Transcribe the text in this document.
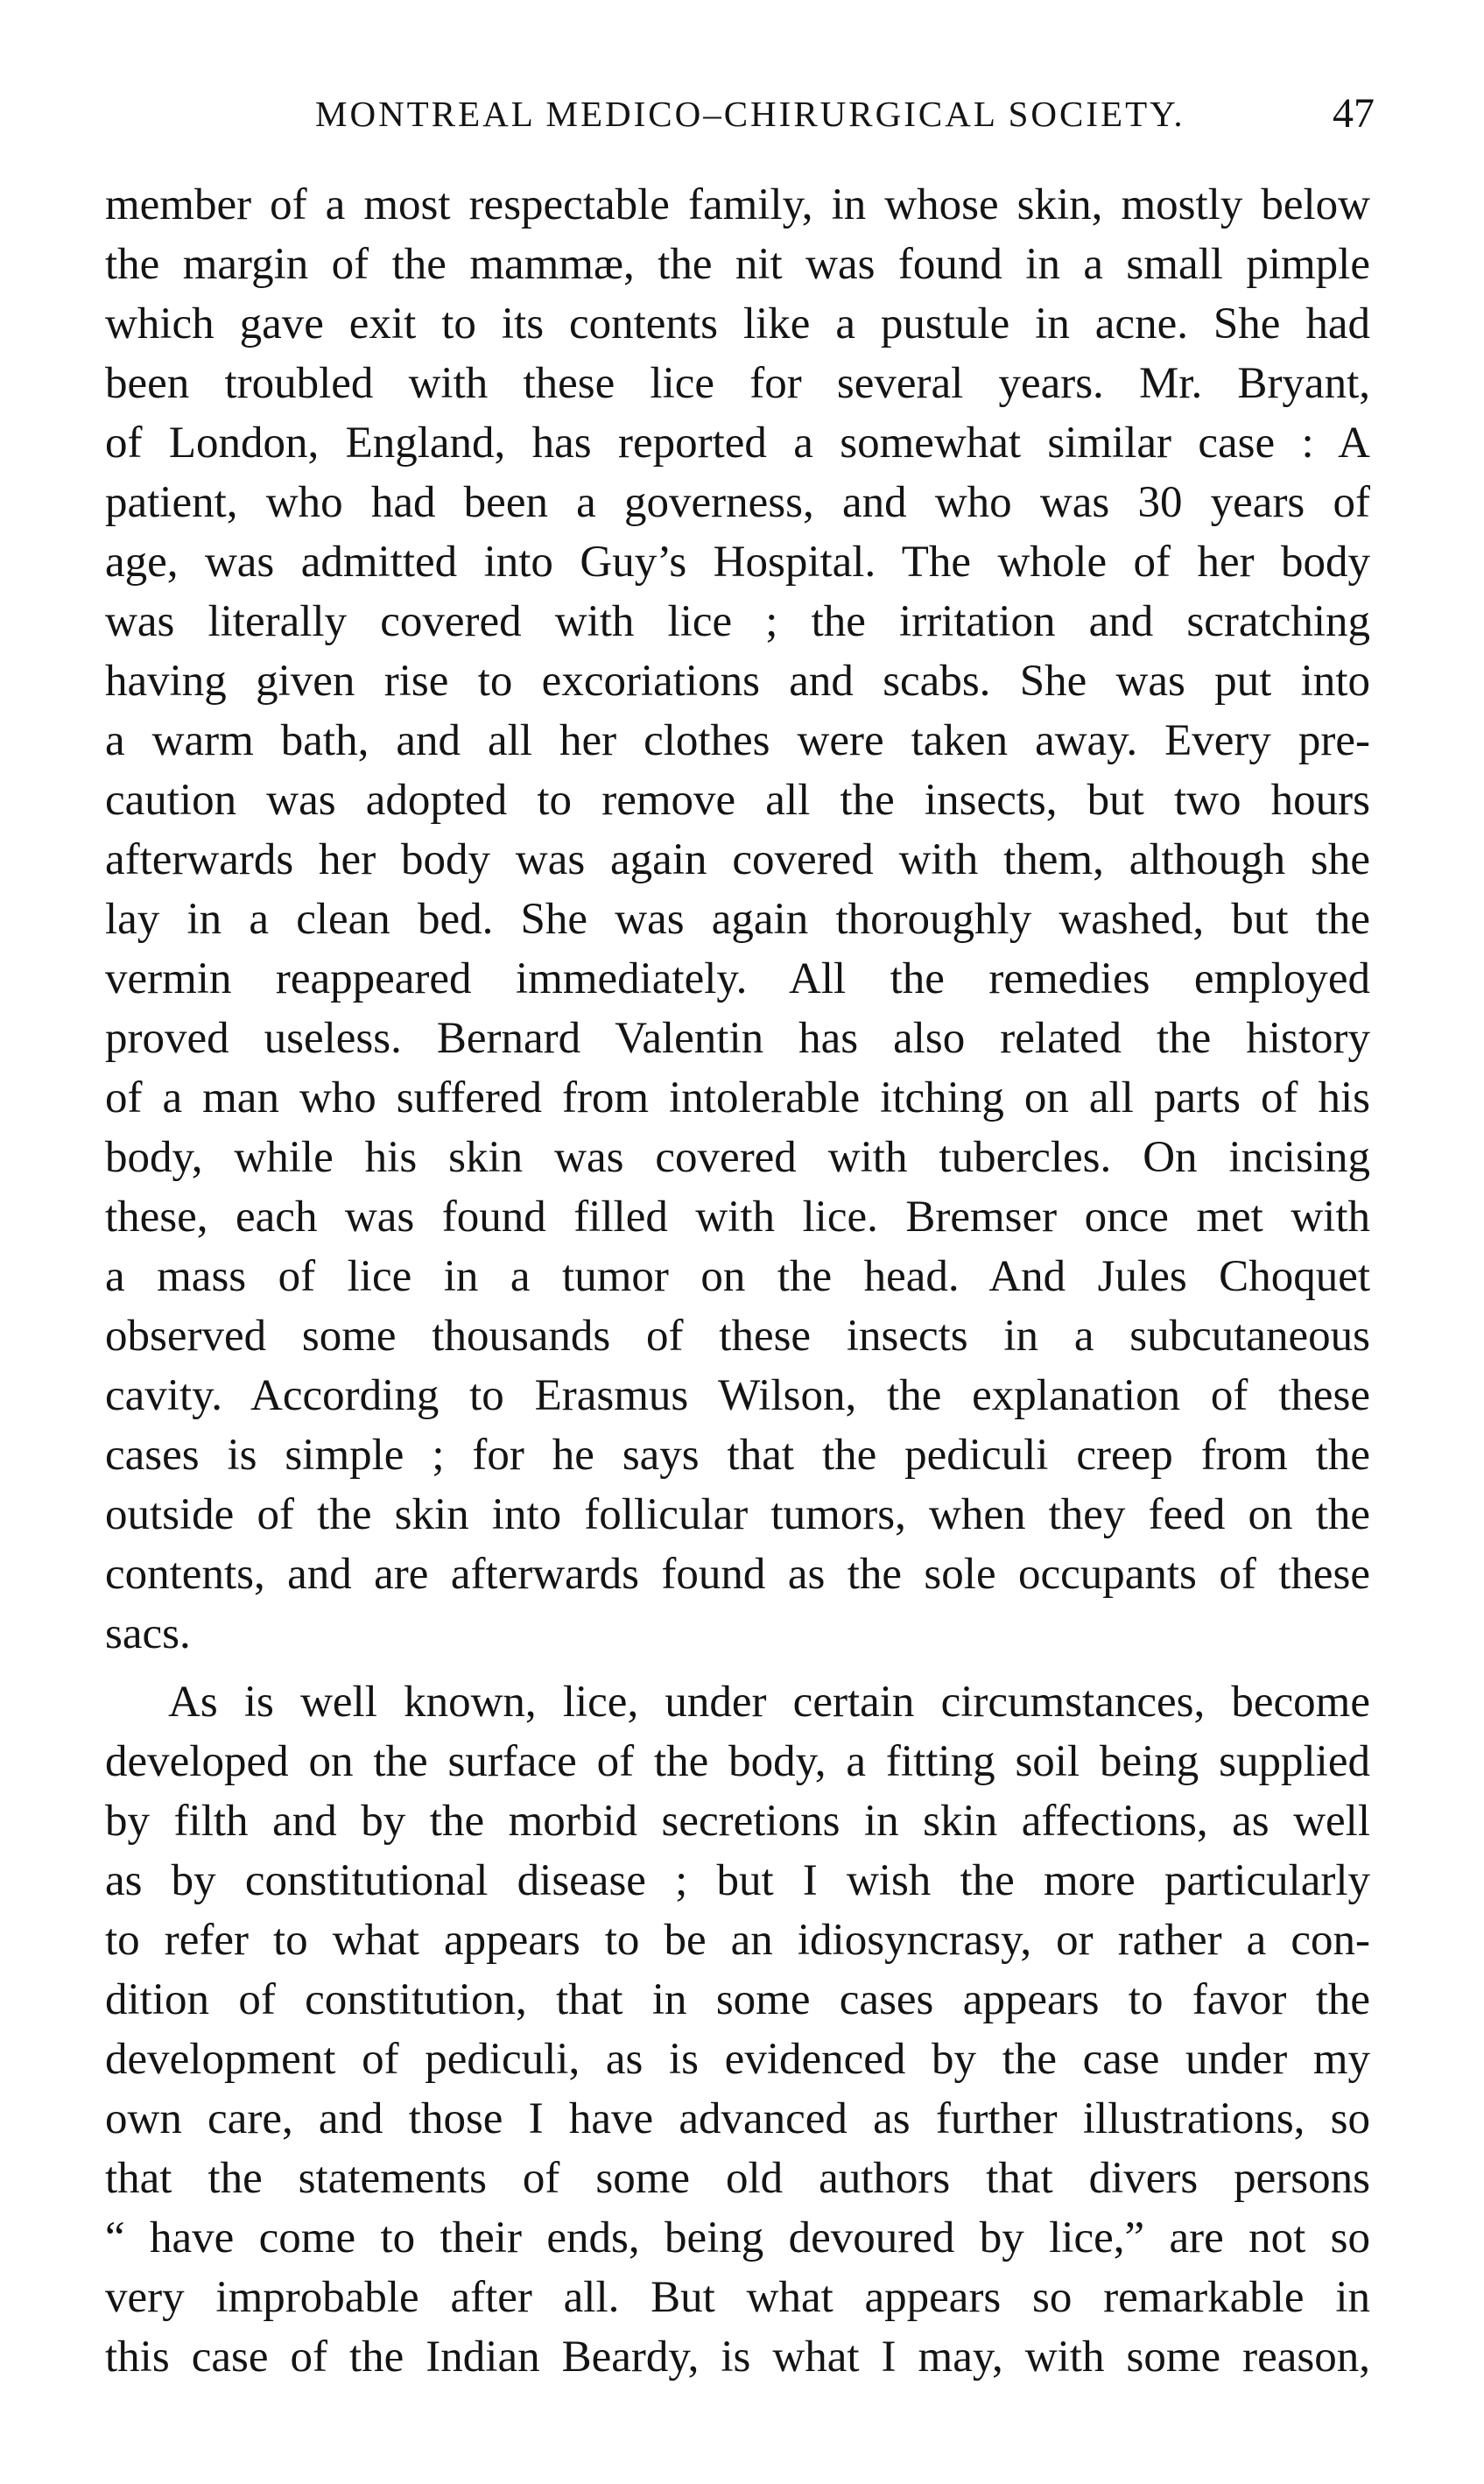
MONTREAL MEDICO–CHIRURGICAL SOCIETY.	47
member of a most respectable family, in whose skin, mostly below
the margin of the mammæ, the nit was found in a small pimple
which gave exit to its contents like a pustule in acne. She had
been troubled with these lice for several years. Mr. Bryant,
of London, England, has reported a somewhat similar case : A
patient, who had been a governess, and who was 30 years of
age, was admitted into Guy’s Hospital. The whole of her body
was literally covered with lice ; the irritation and scratching
having given rise to excoriations and scabs. She was put into
a warm bath, and all her clothes were taken away. Every pre-
caution was adopted to remove all the insects, but two hours
afterwards her body was again covered with them, although she
lay in a clean bed. She was again thoroughly washed, but the
vermin reappeared immediately. All the remedies employed
proved useless. Bernard Valentin has also related the history
of a man who suffered from intolerable itching on all parts of his
body, while his skin was covered with tubercles. On incising
these, each was found filled with lice. Bremser once met with
a mass of lice in a tumor on the head. And Jules Choquet
observed some thousands of these insects in a subcutaneous
cavity. According to Erasmus Wilson, the explanation of these
cases is simple ; for he says that the pediculi creep from the
outside of the skin into follicular tumors, when they feed on the
contents, and are afterwards found as the sole occupants of these
sacs.
As is well known, lice, under certain circumstances, become
developed on the surface of the body, a fitting soil being supplied
by filth and by the morbid secretions in skin affections, as well
as by constitutional disease ; but I wish the more particularly
to refer to what appears to be an idiosyncrasy, or rather a con-
dition of constitution, that in some cases appears to favor the
development of pediculi, as is evidenced by the case under my
own care, and those I have advanced as further illustrations, so
that the statements of some old authors that divers persons
“ have come to their ends, being devoured by lice,” are not so
very improbable after all. But what appears so remarkable in
this case of the Indian Beardy, is what I may, with some reason,
